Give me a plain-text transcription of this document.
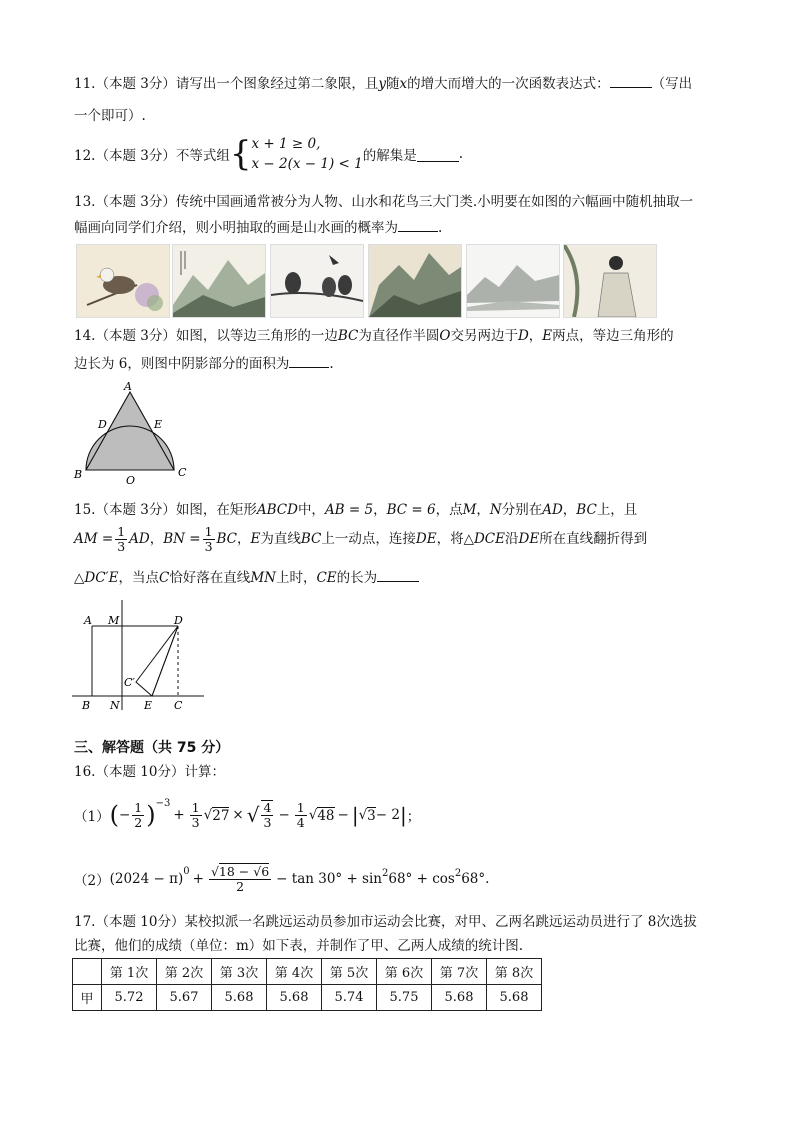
11.（本题 3分）请写出一个图象经过第二象限，且y随x的增大而增大的一次函数表达式：	（写出
一个即可）.
12.（本题 3分）不等式组 { x + 1 ≥ 0,
x − 2(x − 1) < 1 的解集是	.
13.（本题 3分）传统中国画通常被分为人物、山水和花鸟三大门类.小明要在如图的六幅画中随机抽取一
幅画向同学们介绍，则小明抽取的画是山水画的概率为	.
14.（本题 3分）如图，以等边三角形的一边BC为直径作半圆O交另两边于D，E两点，等边三角形的
边长为 6，则图中阴影部分的面积为	.
A
D	E
B	C
O
15.（本题 3分）如图，在矩形ABCD中，AB = 5，BC = 6，点M，N分别在AD，BC上，且
AM = $\frac{1}{3}$ AD，BN = $\frac{1}{3}$ BC，E为直线BC上一动点，连接DE，将△DCE沿DE所在直线翻折得到
△DC′E，当点C恰好落在直线MN上时，CE的长为
A M	D
C′
B N E C
三、解答题（共 75 分）
16.（本题 10分）计算：
（1） ( − $\frac{1}{2} )^{-3}$
+ $\frac{1}{3}$ √ 27 × √ $\frac{4}{3} - \frac{1}{4}$ √ 48 − | √ 3 − 2 | ；
（2） $(2024 - \pi)^0 + \frac{√18 - √6}{2} - \tan 30^\circ + \sin^2 68^\circ + \cos^2 68^\circ$.
17.（本题 10分）某校拟派一名跳远运动员参加市运动会比赛，对甲、乙两名跳远运动员进行了 8次选拔
比赛，他们的成绩（单位：m）如下表，并制作了甲、乙两人成绩的统计图.
	第 1次	第 2次	第 3次	第 4次	第 5次	第 6次	第 7次	第 8次
甲	5.72	5.67	5.68	5.68	5.74	5.75	5.68	5.68
